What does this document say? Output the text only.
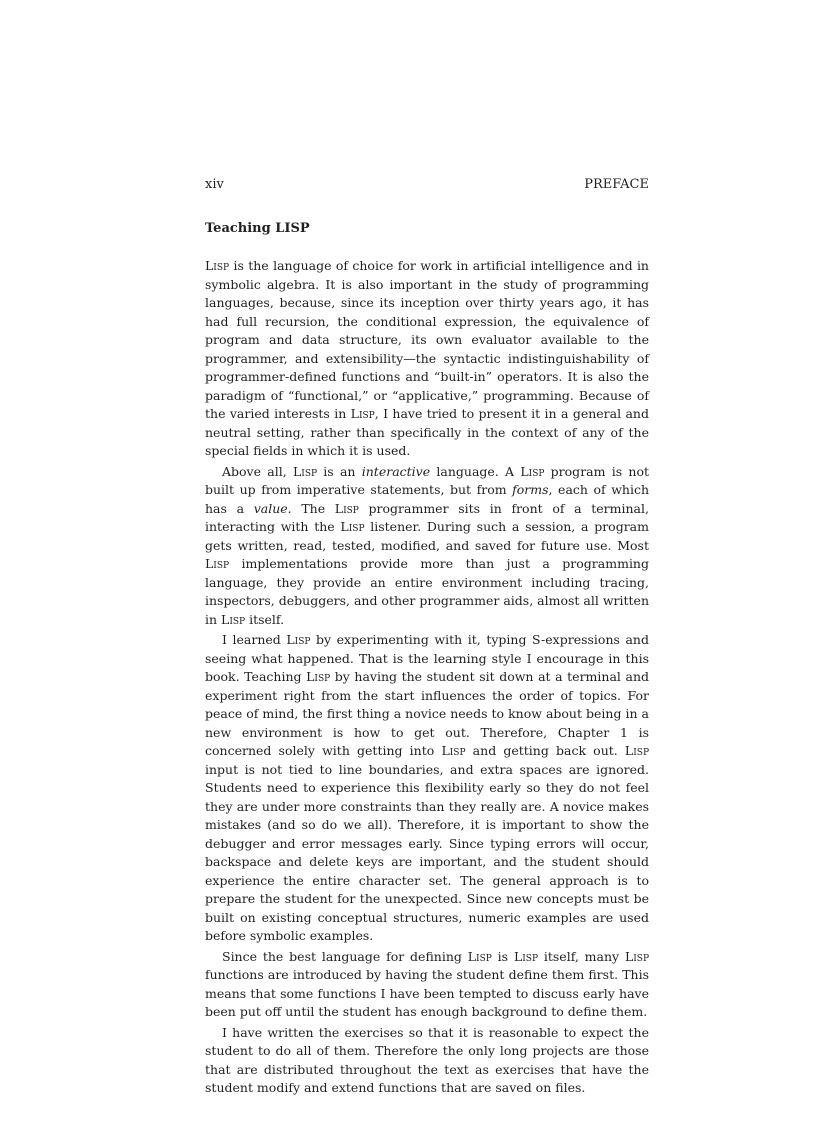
xiv	PREFACE
Teaching LISP

Lisp is the language of choice for work in artificial intelligence and in symbolic algebra. It is also important in the study of programming languages, because, since its inception over thirty years ago, it has had full recursion, the conditional expression, the equivalence of program and data structure, its own evaluator available to the programmer, and extensibility—the syntactic indistinguishability of programmer-defined functions and “built-in” operators. It is also the paradigm of “functional,” or “applicative,” programming. Because of the varied interests in Lisp, I have tried to present it in a general and neutral setting, rather than specifically in the context of any of the special fields in which it is used.

Above all, Lisp is an interactive language. A Lisp program is not built up from imperative statements, but from forms, each of which has a value. The Lisp programmer sits in front of a terminal, interacting with the Lisp listener. During such a session, a program gets written, read, tested, modified, and saved for future use. Most Lisp implementations provide more than just a programming language, they provide an entire environment including tracing, inspectors, debuggers, and other programmer aids, almost all written in Lisp itself.

I learned Lisp by experimenting with it, typing S-expressions and seeing what happened. That is the learning style I encourage in this book. Teaching Lisp by having the student sit down at a terminal and experiment right from the start influences the order of topics. For peace of mind, the first thing a novice needs to know about being in a new environment is how to get out. Therefore, Chapter 1 is concerned solely with getting into Lisp and getting back out. Lisp input is not tied to line boundaries, and extra spaces are ignored. Students need to experience this flexibility early so they do not feel they are under more constraints than they really are. A novice makes mistakes (and so do we all). Therefore, it is important to show the debugger and error messages early. Since typing errors will occur, backspace and delete keys are important, and the student should experience the entire character set. The general approach is to prepare the student for the unexpected. Since new concepts must be built on existing conceptual structures, numeric examples are used before symbolic examples.

Since the best language for defining Lisp is Lisp itself, many Lisp functions are introduced by having the student define them first. This means that some functions I have been tempted to discuss early have been put off until the student has enough background to define them.

I have written the exercises so that it is reasonable to expect the student to do all of them. Therefore the only long projects are those that are distributed throughout the text as exercises that have the student modify and extend functions that are saved on files.
